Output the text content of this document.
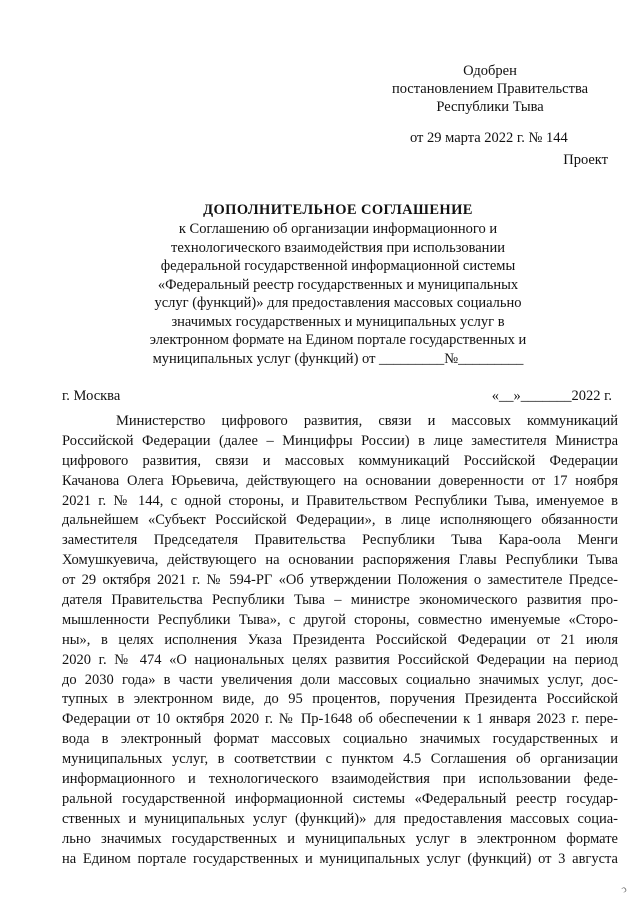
Одобрен
постановлением Правительства
Республики Тыва
от 29 марта 2022 г. № 144
Проект
ДОПОЛНИТЕЛЬНОЕ СОГЛАШЕНИЕ
к Соглашению об организации информационного и
технологического взаимодействия при использовании
федеральной государственной информационной системы
«Федеральный реестр государственных и муниципальных
услуг (функций)» для предоставления массовых социально
значимых государственных и муниципальных услуг в
электронном формате на Едином портале государственных и
муниципальных услуг (функций) от _________№_________
г. Москва	«__»_______2022 г.
Министерство цифрового развития, связи и массовых коммуникаций
Российской Федерации (далее – Минцифры России) в лице заместителя Министра
цифрового развития, связи и массовых коммуникаций Российской Федерации
Качанова Олега Юрьевича, действующего на основании доверенности от 17 ноября
2021 г. № 144, с одной стороны, и Правительством Республики Тыва, именуемое в
дальнейшем «Субъект Российской Федерации», в лице исполняющего обязанности
заместителя Председателя Правительства Республики Тыва Кара-оола Менги
Хомушкуевича, действующего на основании распоряжения Главы Республики Тыва
от 29 октября 2021 г. № 594-РГ «Об утверждении Положения о заместителе Предсе-
дателя Правительства Республики Тыва – министре экономического развития про-
мышленности Республики Тыва», с другой стороны, совместно именуемые «Сторо-
ны», в целях исполнения Указа Президента Российской Федерации от 21 июля
2020 г. № 474 «О национальных целях развития Российской Федерации на период
до 2030 года» в части увеличения доли массовых социально значимых услуг, дос-
тупных в электронном виде, до 95 процентов, поручения Президента Российской
Федерации от 10 октября 2020 г. № Пр-1648 об обеспечении к 1 января 2023 г. пере-
вода в электронный формат массовых социально значимых государственных и
муниципальных услуг, в соответствии с пунктом 4.5 Соглашения об организации
информационного и технологического взаимодействия при использовании феде-
ральной государственной информационной системы «Федеральный реестр государ-
ственных и муниципальных услуг (функций)» для предоставления массовых социа-
льно значимых государственных и муниципальных услуг в электронном формате
на Едином портале государственных и муниципальных услуг (функций) от 3 августа
ↄ
